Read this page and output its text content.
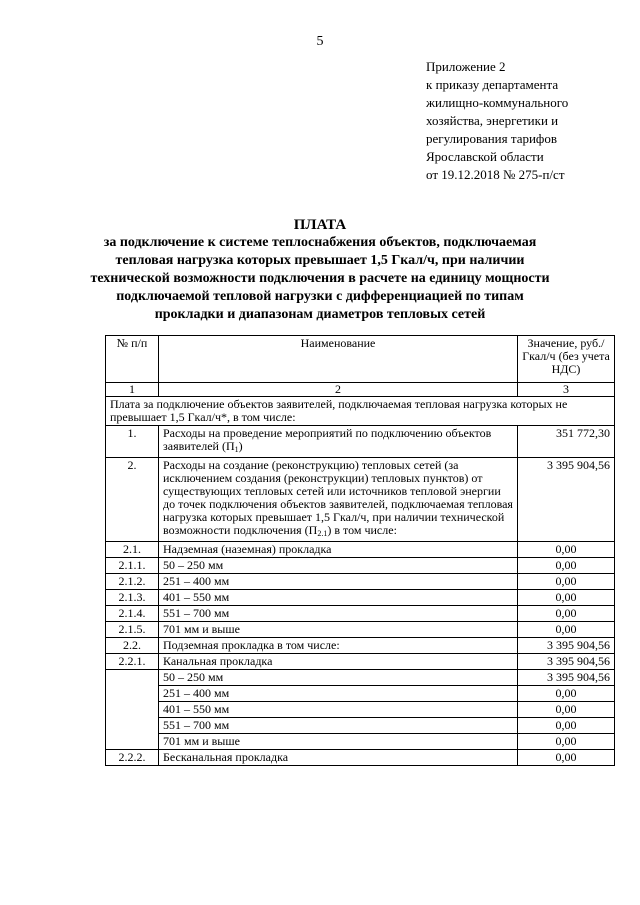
5
Приложение 2
к приказу департамента
жилищно-коммунального
хозяйства, энергетики и
регулирования тарифов
Ярославской области
от 19.12.2018 № 275-п/ст
ПЛАТА
за подключение к системе теплоснабжения объектов, подключаемая
тепловая нагрузка которых превышает 1,5 Гкал/ч, при наличии
технической возможности подключения в расчете на единицу мощности
подключаемой тепловой нагрузки с дифференциацией по типам
прокладки и диапазонам диаметров тепловых сетей
№ п/п	Наименование	Значение, руб./Гкал/ч (без учета НДС)
1	2	3
Плата за подключение объектов заявителей, подключаемая тепловая нагрузка которых не превышает 1,5 Гкал/ч*, в том числе:		
1.	Расходы на проведение мероприятий по подключению объектов заявителей $(П_1)$	351 772,30
2.	Расходы на создание (реконструкцию) тепловых сетей (за исключением создания (реконструкции) тепловых пунктов) от существующих тепловых сетей или источников тепловой энергии до точек подключения объектов заявителей, подключаемая тепловая нагрузка которых превышает 1,5 Гкал/ч, при наличии технической возможности подключения $(П_{2.1})$ в том числе:	3 395 904,56
2.1.	Надземная (наземная) прокладка	0,00
2.1.1.	50 – 250 мм	0,00
2.1.2.	251 – 400 мм	0,00
2.1.3.	401 – 550 мм	0,00
2.1.4.	551 – 700 мм	0,00
2.1.5.	701 мм и выше	0,00
2.2.	Подземная прокладка в том числе:	3 395 904,56
2.2.1.	Канальная прокладка	3 395 904,56
	50 – 250 мм	3 395 904,56
	251 – 400 мм	0,00
	401 – 550 мм	0,00
	551 – 700 мм	0,00
	701 мм и выше	0,00
2.2.2.	Бесканальная прокладка	0,00
